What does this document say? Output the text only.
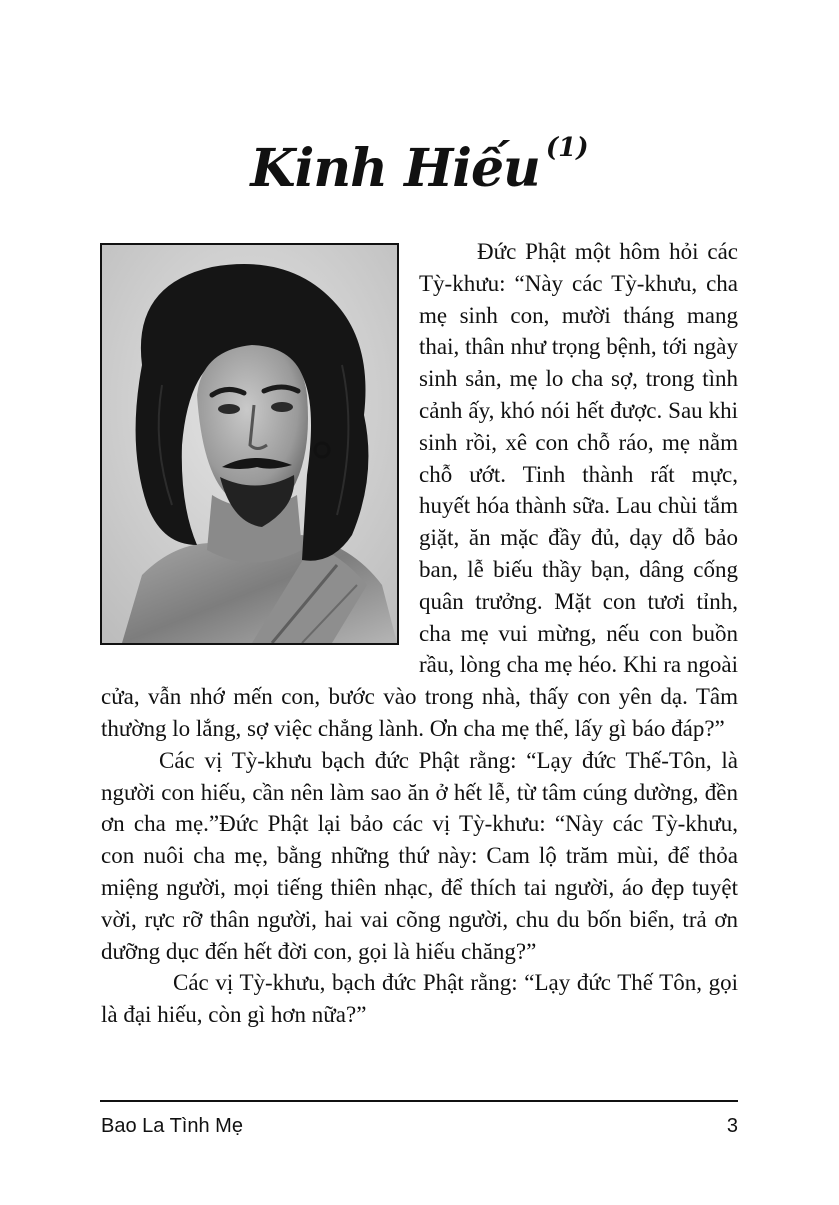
Kinh Hiếu $^{(1)}$

Đức Phật một hôm hỏi các Tỳ-khưu: “Này các Tỳ-khưu, cha mẹ sinh con, mười tháng mang thai, thân như trọng bệnh, tới ngày sinh sản, mẹ lo cha sợ, trong tình cảnh ấy, khó nói hết được. Sau khi sinh rồi, xê con chỗ ráo, mẹ nằm chỗ ướt. Tinh thành rất mực, huyết hóa thành sữa. Lau chùi tắm giặt, ăn mặc đầy đủ, dạy dỗ bảo ban, lễ biếu thầy bạn, dâng cống quân trưởng. Mặt con tươi tỉnh, cha mẹ vui mừng, nếu con buồn rầu, lòng cha mẹ héo. Khi ra ngoài cửa, vẫn nhớ mến con, bước vào trong nhà, thấy con yên dạ. Tâm thường lo lắng, sợ việc chẳng lành. Ơn cha mẹ thế, lấy gì báo đáp?”

Các vị Tỳ-khưu bạch đức Phật rằng: “Lạy đức Thế-Tôn, là người con hiếu, cần nên làm sao ăn ở hết lễ, từ tâm cúng dường, đền ơn cha mẹ.”Đức Phật lại bảo các vị Tỳ-khưu: “Này các Tỳ-khưu, con nuôi cha mẹ, bằng những thứ này: Cam lộ trăm mùi, để thỏa miệng người, mọi tiếng thiên nhạc, để thích tai người, áo đẹp tuyệt vời, rực rỡ thân người, hai vai cõng người, chu du bốn biển, trả ơn dưỡng dục đến hết đời con, gọi là hiếu chăng?”

Các vị Tỳ-khưu, bạch đức Phật rằng: “Lạy đức Thế Tôn, gọi là đại hiếu, còn gì hơn nữa?”

Bao La Tình Mẹ	3
